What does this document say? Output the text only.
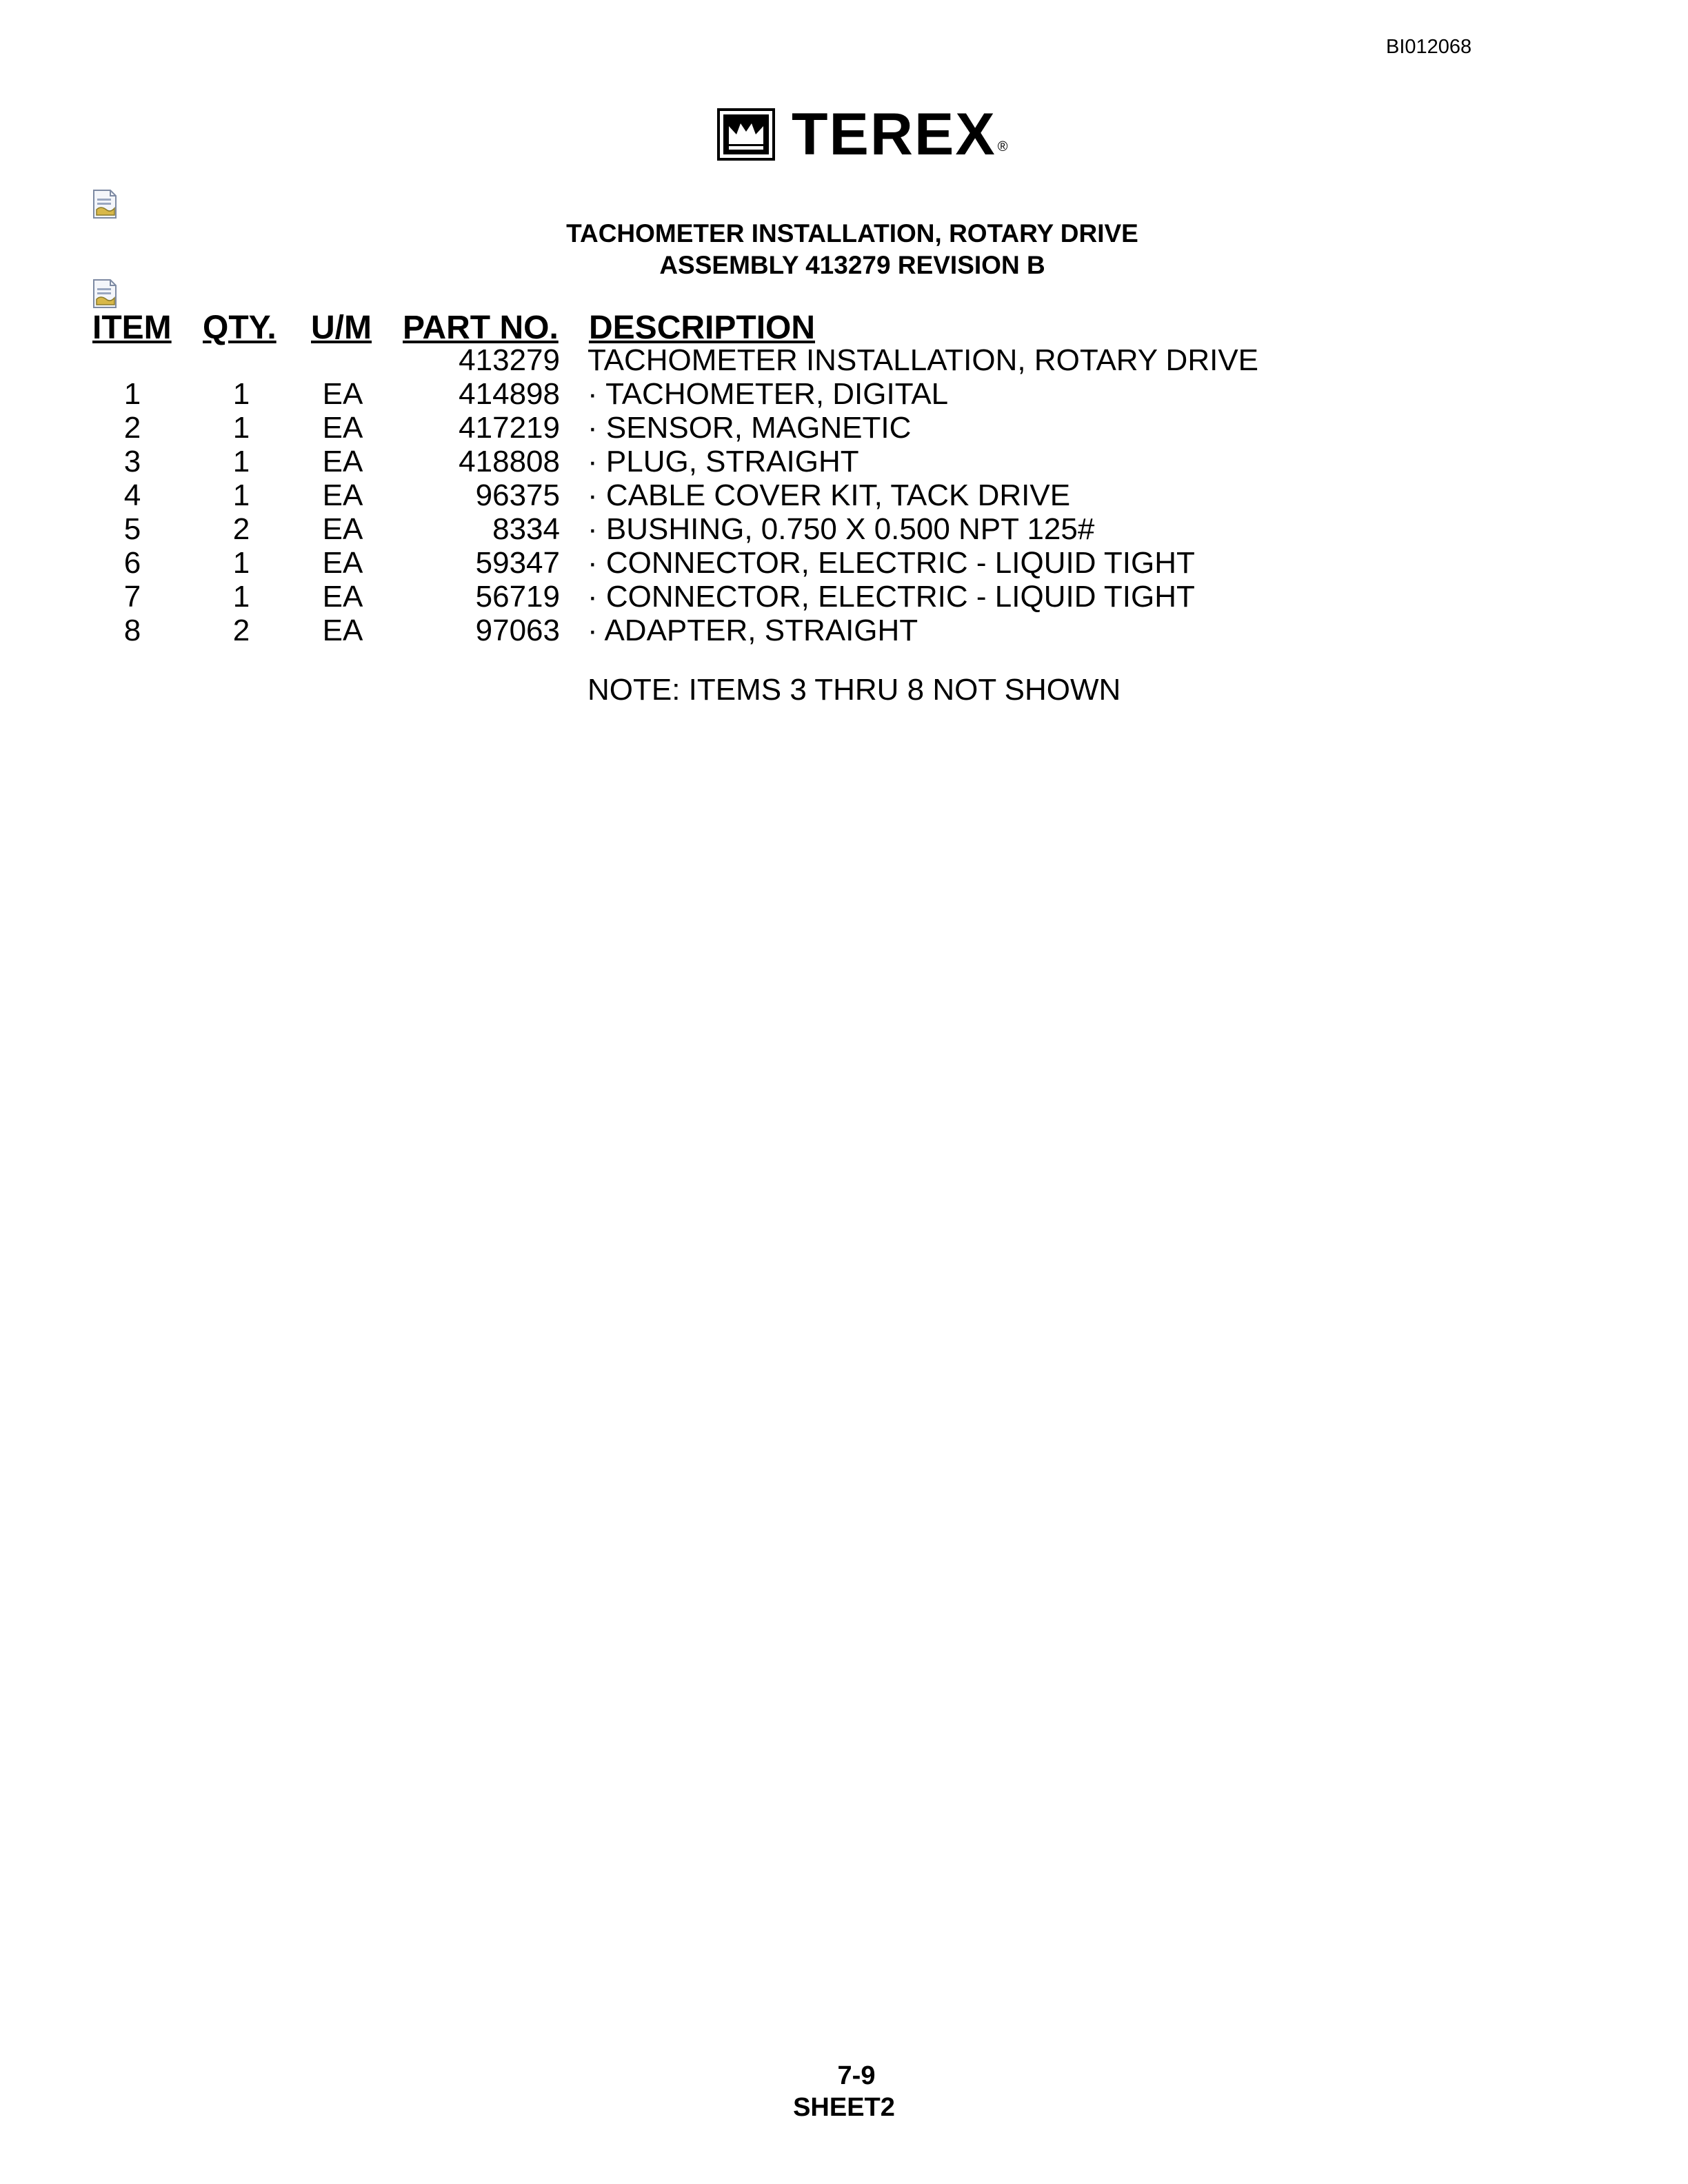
BI012068
TEREX ®
TACHOMETER INSTALLATION, ROTARY DRIVE
ASSEMBLY 413279 REVISION B
ITEM QTY. U/M PART NO. DESCRIPTION
413279 TACHOMETER INSTALLATION, ROTARY DRIVE
1	1	EA	414898 · TACHOMETER, DIGITAL
2	1	EA	417219 · SENSOR, MAGNETIC
3	1	EA	418808 · PLUG, STRAIGHT
4	1	EA	96375 · CABLE COVER KIT, TACK DRIVE
5	2	EA	8334 · BUSHING, 0.750 X 0.500 NPT 125#
6	1	EA	59347 · CONNECTOR, ELECTRIC - LIQUID TIGHT
7	1	EA	56719 · CONNECTOR, ELECTRIC - LIQUID TIGHT
8	2	EA	97063 · ADAPTER, STRAIGHT
NOTE: ITEMS 3 THRU 8 NOT SHOWN
7-9
SHEET2
